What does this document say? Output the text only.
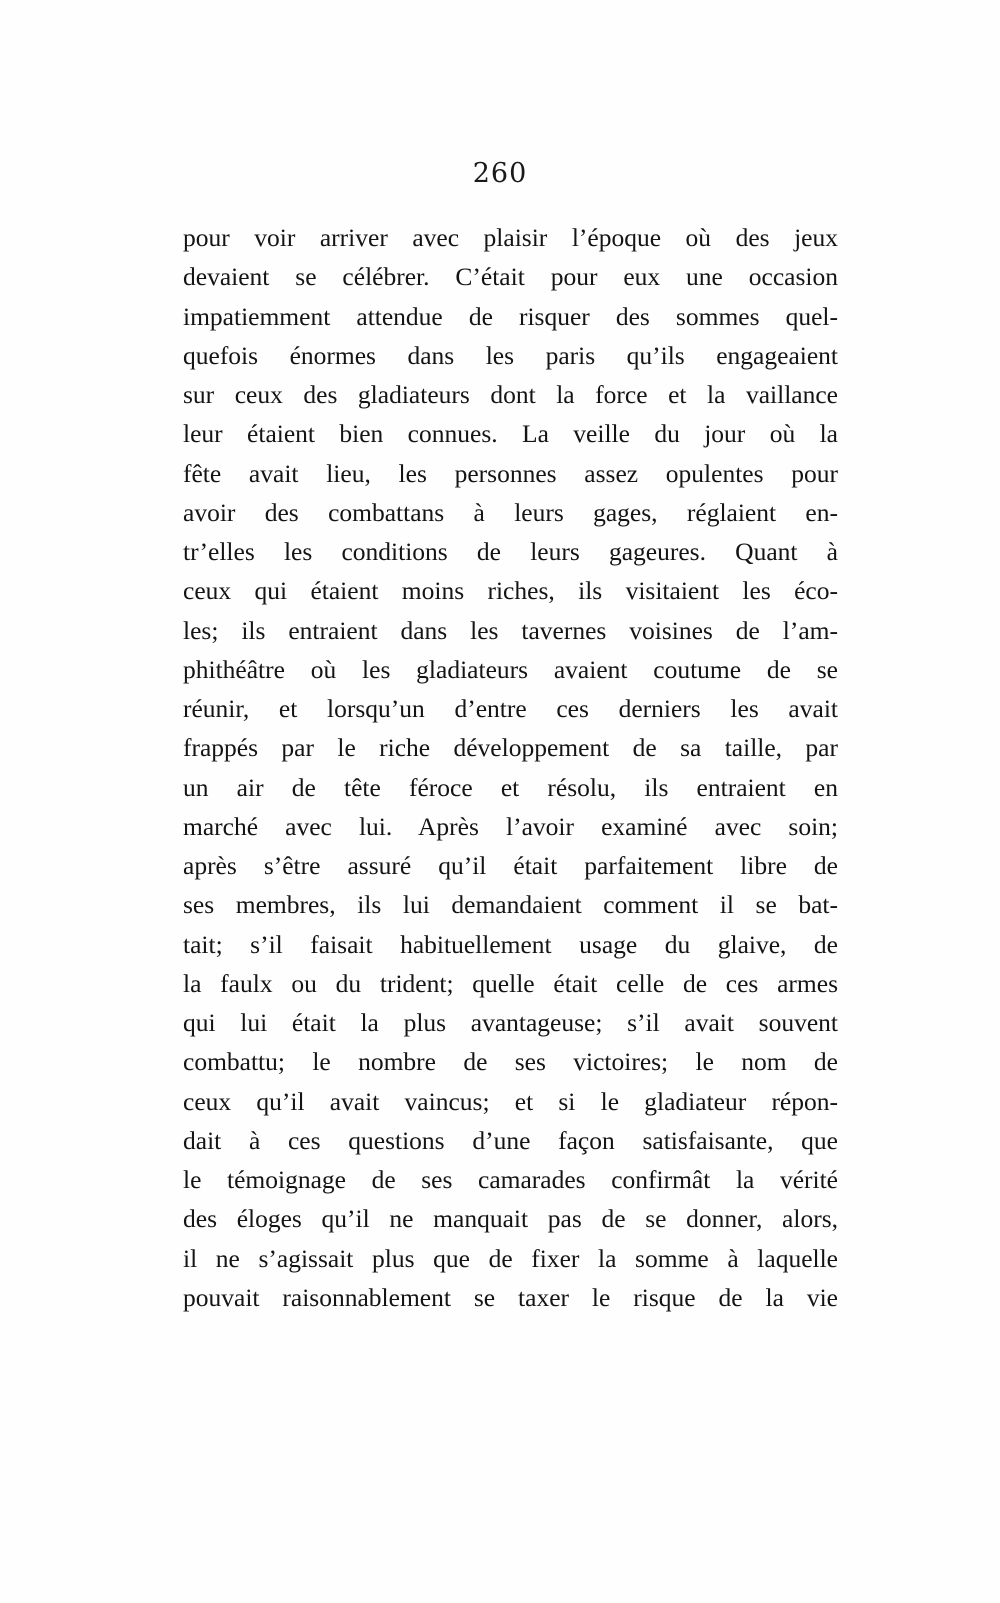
260
pour voir arriver avec plaisir l’époque où des jeux
devaient se célébrer. C’était pour eux une occasion
impatiemment attendue de risquer des sommes quel-
quefois énormes dans les paris qu’ils engageaient
sur ceux des gladiateurs dont la force et la vaillance
leur étaient bien connues. La veille du jour où la
fête avait lieu, les personnes assez opulentes pour
avoir des combattans à leurs gages, réglaient en-
tr’elles les conditions de leurs gageures. Quant à
ceux qui étaient moins riches, ils visitaient les éco-
les; ils entraient dans les tavernes voisines de l’am-
phithéâtre où les gladiateurs avaient coutume de se
réunir, et lorsqu’un d’entre ces derniers les avait
frappés par le riche développement de sa taille, par
un air de tête féroce et résolu, ils entraient en
marché avec lui. Après l’avoir examiné avec soin;
après s’être assuré qu’il était parfaitement libre de
ses membres, ils lui demandaient comment il se bat-
tait; s’il faisait habituellement usage du glaive, de
la faulx ou du trident; quelle était celle de ces armes
qui lui était la plus avantageuse; s’il avait souvent
combattu; le nombre de ses victoires; le nom de
ceux qu’il avait vaincus; et si le gladiateur répon-
dait à ces questions d’une façon satisfaisante, que
le témoignage de ses camarades confirmât la vérité
des éloges qu’il ne manquait pas de se donner, alors,
il ne s’agissait plus que de fixer la somme à laquelle
pouvait raisonnablement se taxer le risque de la vie
